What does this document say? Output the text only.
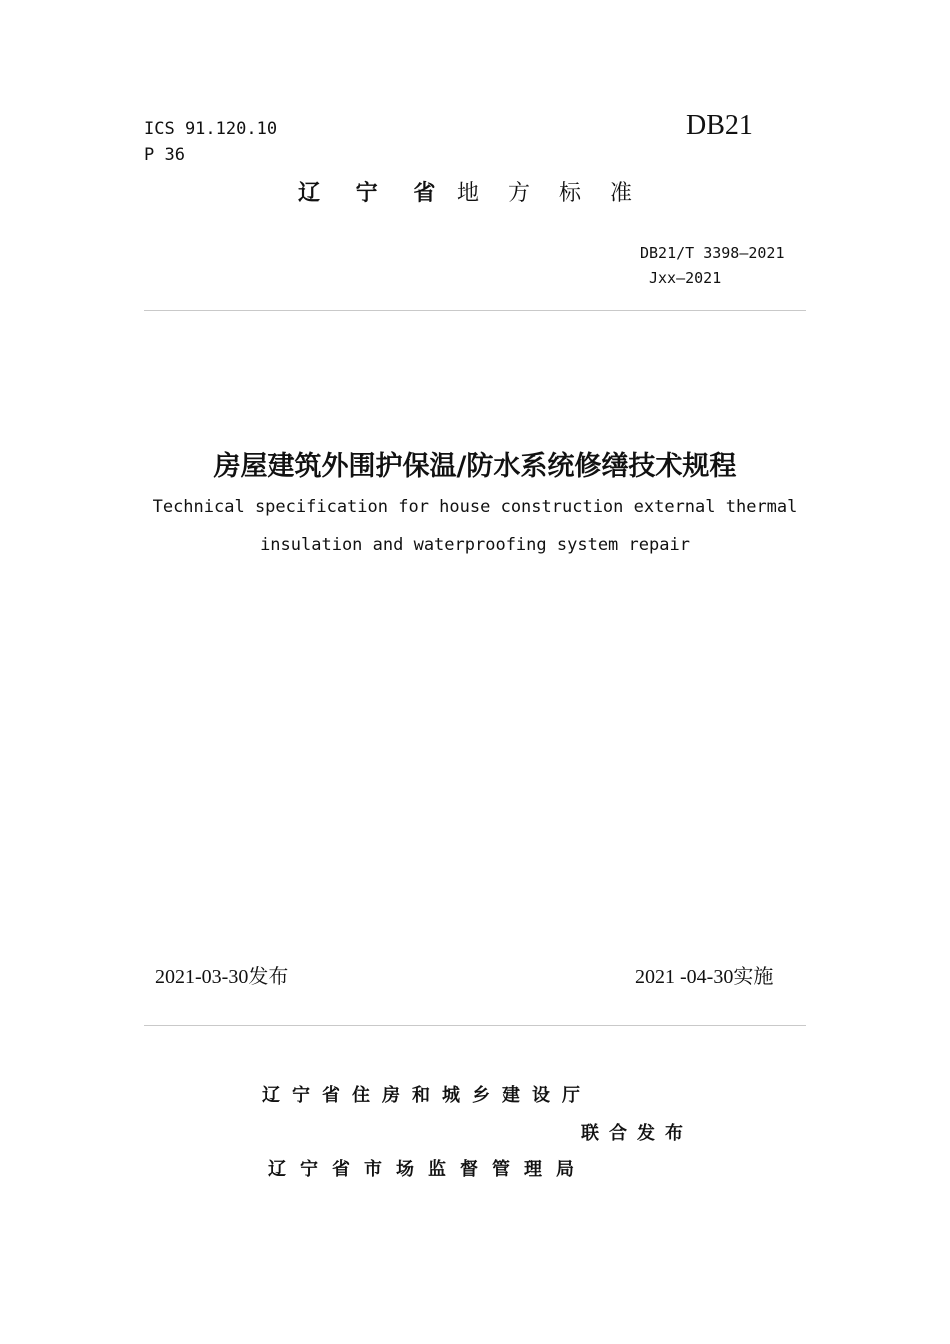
ICS 91.120.10
P 36
DB21
辽 宁 省 地 方 标 准
DB21/T 3398—2021
Jxx—2021
房屋建筑外围护保温/防水系统修缮技术规程
Technical specification for house construction external thermal
insulation and waterproofing system repair
2021-03-30发布	2021 -04-30实施
辽宁省住房和城乡建设厅
联合发布
辽宁省市场监督管理局
